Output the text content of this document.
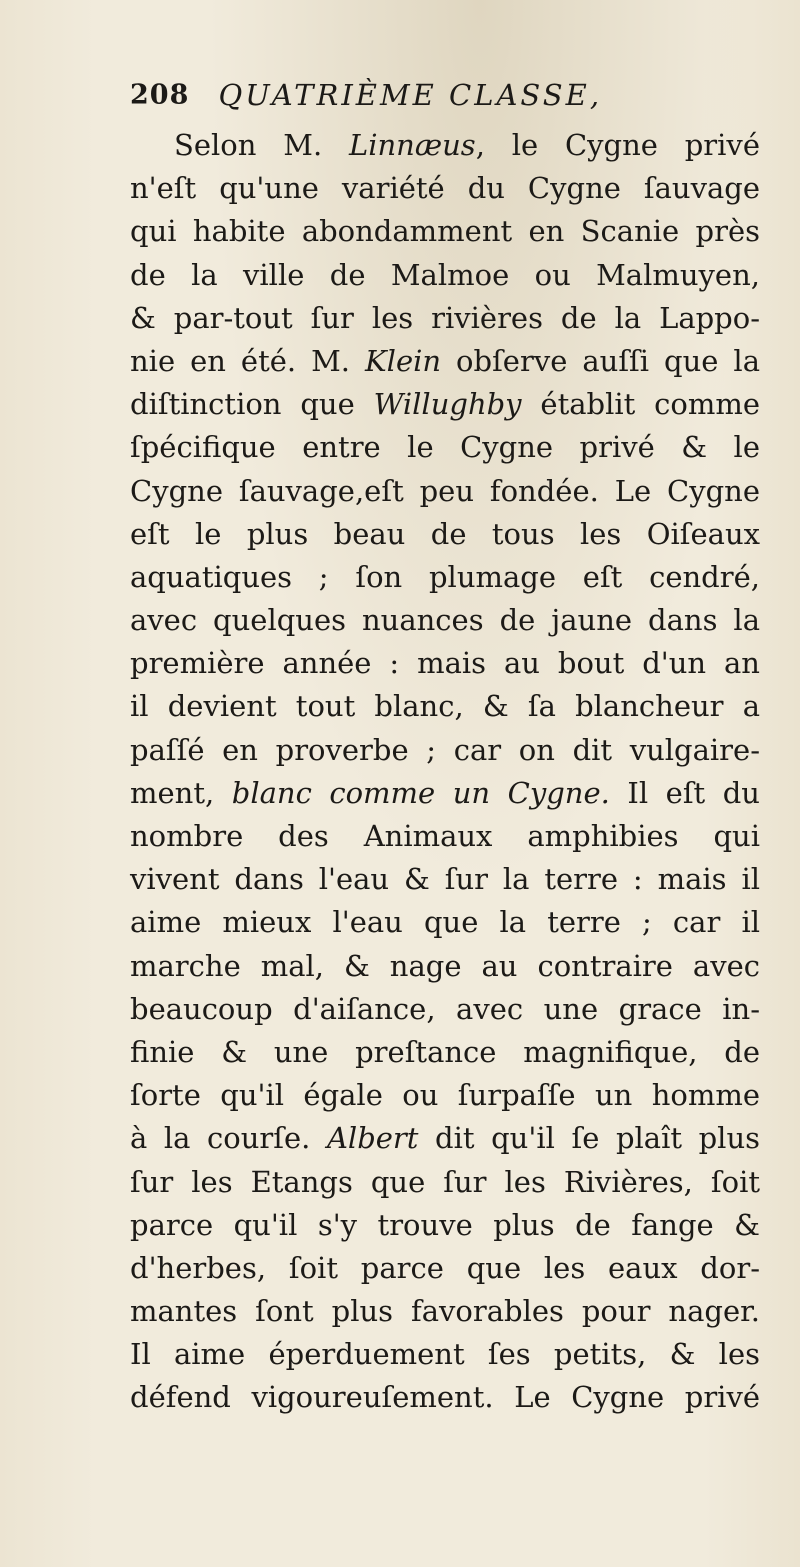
208 QUATRIÈME CLASSE,
Selon M. Linnæus, le Cygne privé
n'eſt qu'une variété du Cygne ſauvage
qui habite abondamment en Scanie près
de la ville de Malmoe ou Malmuyen,
& par-tout ſur les rivières de la Lappo-
nie en été. M. Klein obſerve auſſi que la
diſtinction que Willughby établit comme
ſpécifique entre le Cygne privé & le
Cygne ſauvage,eſt peu fondée. Le Cygne
eſt le plus beau de tous les Oiſeaux
aquatiques ; ſon plumage eſt cendré,
avec quelques nuances de jaune dans la
première année : mais au bout d'un an
il devient tout blanc, & ſa blancheur a
paſſé en proverbe ; car on dit vulgaire-
ment, blanc comme un Cygne. Il eſt du
nombre des Animaux amphibies qui
vivent dans l'eau & ſur la terre : mais il
aime mieux l'eau que la terre ; car il
marche mal, & nage au contraire avec
beaucoup d'aiſance, avec une grace in-
finie & une preſtance magnifique, de
ſorte qu'il égale ou ſurpaſſe un homme
à la courſe. Albert dit qu'il ſe plaît plus
ſur les Etangs que ſur les Rivières, ſoit
parce qu'il s'y trouve plus de fange &
d'herbes, ſoit parce que les eaux dor-
mantes ſont plus favorables pour nager.
Il aime éperduement ſes petits, & les
défend vigoureuſement. Le Cygne privé
